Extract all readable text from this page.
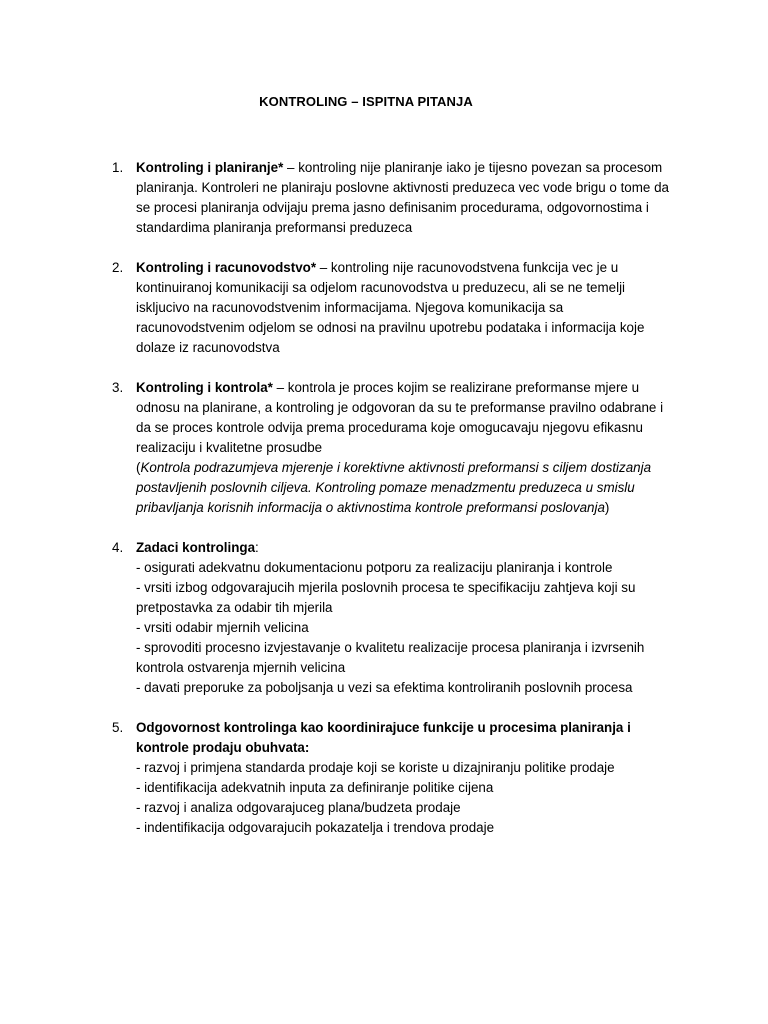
KONTROLING – ISPITNA PITANJA
1. Kontroling i planiranje* – kontroling nije planiranje iako je tijesno povezan sa procesom planiranja. Kontroleri ne planiraju poslovne aktivnosti preduzeca vec vode brigu o tome da se procesi planiranja odvijaju prema jasno definisanim procedurama, odgovornostima i standardima planiranja preformansi preduzeca
2. Kontroling i racunovodstvo* – kontroling nije racunovodstvena funkcija vec je u kontinuiranoj komunikaciji sa odjelom racunovodstva u preduzecu, ali se ne temelji iskljucivo na racunovodstvenim informacijama. Njegova komunikacija sa racunovodstvenim odjelom se odnosi na pravilnu upotrebu podataka i informacija koje dolaze iz racunovodstva
3. Kontroling i kontrola* – kontrola je proces kojim se realizirane preformanse mjere u odnosu na planirane, a kontroling je odgovoran da su te preformanse pravilno odabrane i da se proces kontrole odvija prema procedurama koje omogucavaju njegovu efikasnu realizaciju i kvalitetne prosudbe
(Kontrola podrazumjeva mjerenje i korektivne aktivnosti preformansi s ciljem dostizanja postavljenih poslovnih ciljeva. Kontroling pomaze menadzmentu preduzeca u smislu pribavljanja korisnih informacija o aktivnostima kontrole preformansi poslovanja)
4. Zadaci kontrolinga:
- osigurati adekvatnu dokumentacionu potporu za realizaciju planiranja i kontrole
- vrsiti izbog odgovarajucih mjerila poslovnih procesa te specifikaciju zahtjeva koji su pretpostavka za odabir tih mjerila
- vrsiti odabir mjernih velicina
- sprovoditi procesno izvjestavanje o kvalitetu realizacije procesa planiranja i izvrsenih kontrola ostvarenja mjernih velicina
- davati preporuke za poboljsanja u vezi sa efektima kontroliranih poslovnih procesa
5. Odgovornost kontrolinga kao koordinirajuce funkcije u procesima planiranja i kontrole prodaju obuhvata:
- razvoj i primjena standarda prodaje koji se koriste u dizajniranju politike prodaje
- identifikacija adekvatnih inputa za definiranje politike cijena
- razvoj i analiza odgovarajuceg plana/budzeta prodaje
- indentifikacija odgovarajucih pokazatelja i trendova prodaje
